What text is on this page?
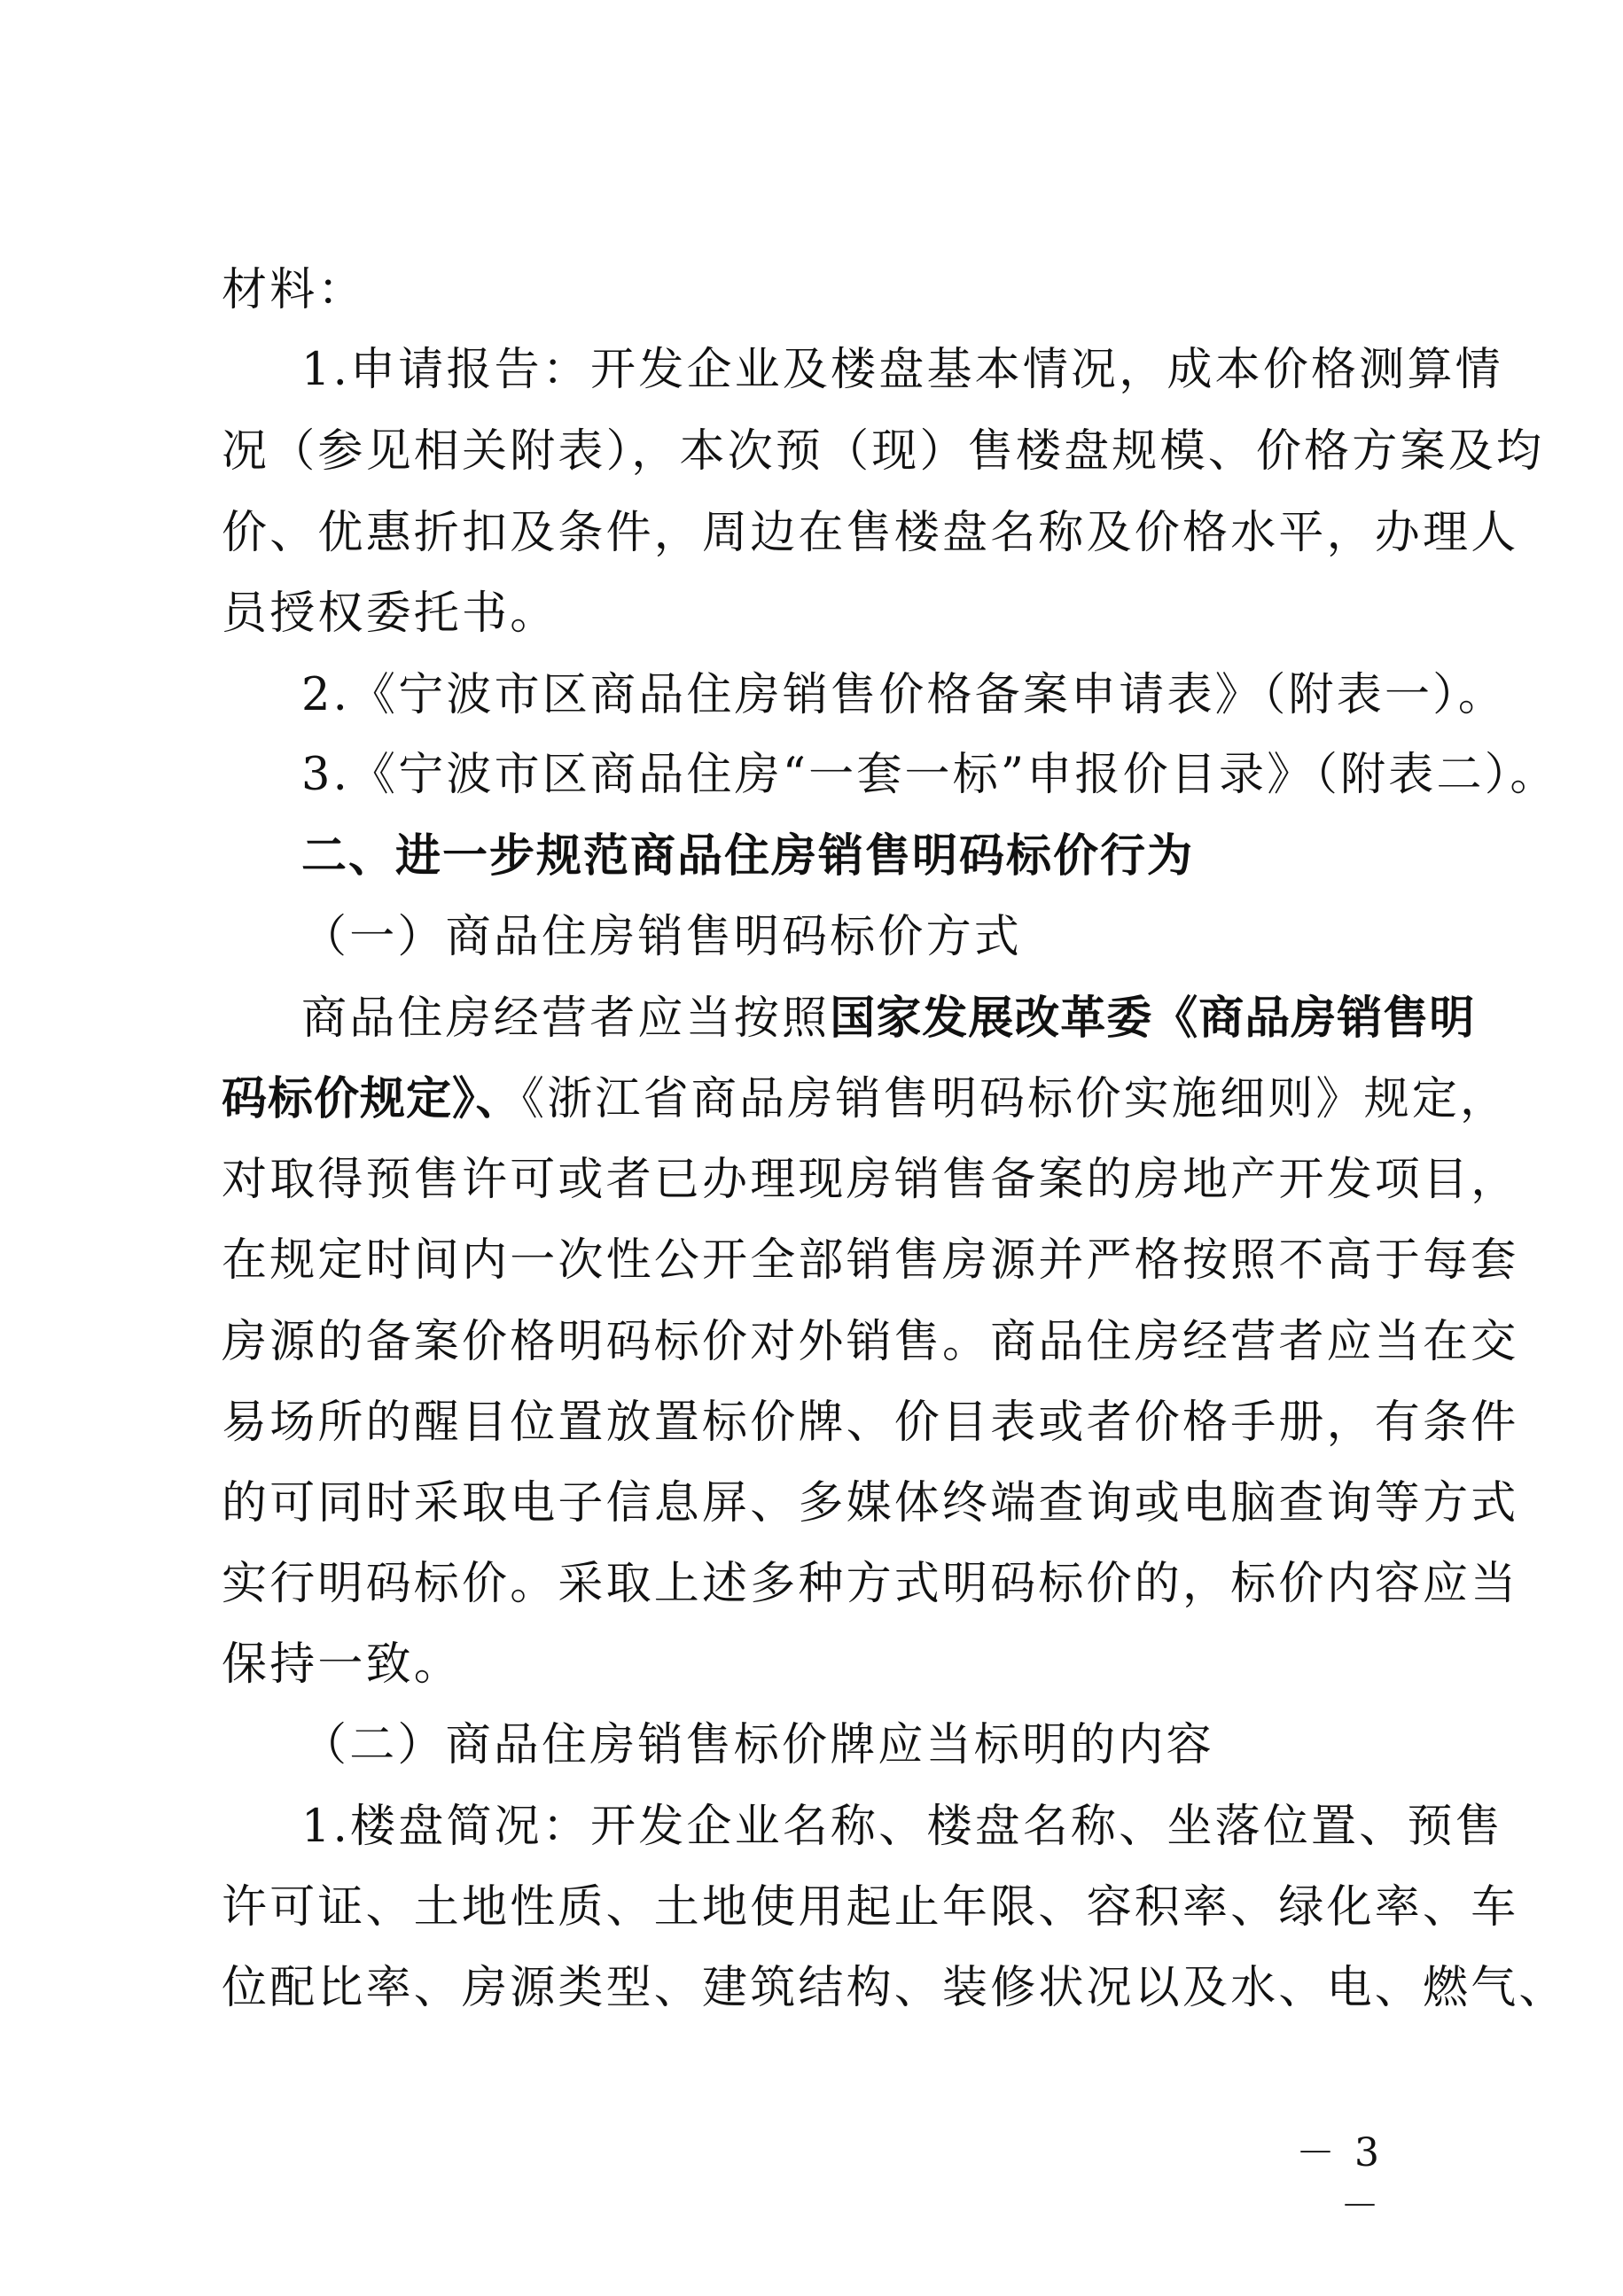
材料：
1.申请报告：开发企业及楼盘基本情况，成本价格测算情
况（参见相关附表），本次预（现）售楼盘规模、价格方案及均
价、优惠折扣及条件，周边在售楼盘名称及价格水平，办理人
员授权委托书。
2.《宁波市区商品住房销售价格备案申请表》（附表一）。
3.《宁波市区商品住房“一套一标”申报价目录》（附表二）。
二、进一步规范商品住房销售明码标价行为
（一）商品住房销售明码标价方式
商品住房经营者应当按照国家发展改革委《商品房销售明
码标价规定》、《浙江省商品房销售明码标价实施细则》规定，
对取得预售许可或者已办理现房销售备案的房地产开发项目，
在规定时间内一次性公开全部销售房源并严格按照不高于每套
房源的备案价格明码标价对外销售。商品住房经营者应当在交
易场所的醒目位置放置标价牌、价目表或者价格手册，有条件
的可同时采取电子信息屏、多媒体终端查询或电脑查询等方式
实行明码标价。采取上述多种方式明码标价的，标价内容应当
保持一致。
（二）商品住房销售标价牌应当标明的内容
1.楼盘简况：开发企业名称、楼盘名称、坐落位置、预售
许可证、土地性质、土地使用起止年限、容积率、绿化率、车
位配比率、房源类型、建筑结构、装修状况以及水、电、燃气、
－ 3 －
